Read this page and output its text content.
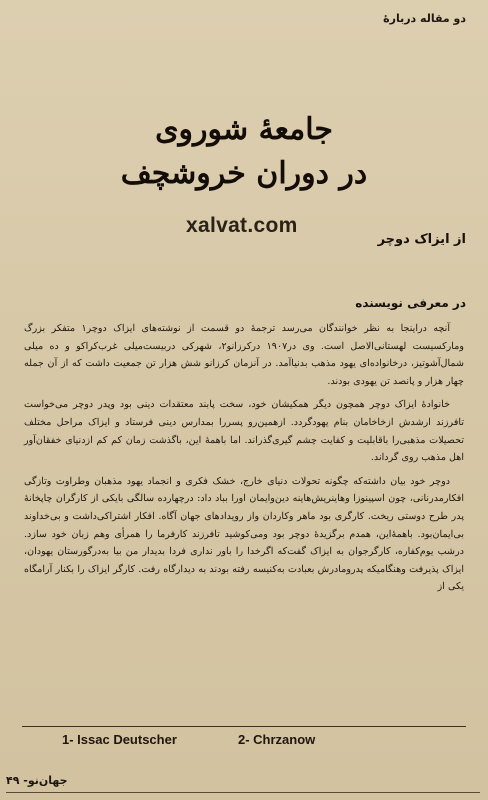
دو مقاله دربارهٔ
جامعهٔ شوروی
در دوران خروشچف
xalvat.com
از ایزاک دوچر
در معرفی نویسنده

آنچه دراینجا به نظر خوانندگان می‌رسد ترجمهٔ دو قسمت از نوشته‌های ایزاک دوچر۱ متفکر بزرگ ومارکسیست لهستانی‌الاصل است. وی در۱۹۰۷ درکرزانو۲، شهرکی دربیست‌میلی غرب‌کراکو و ده میلی شمال‌آشوتیز، درخانواده‌ای یهود مذهب بدنیا‌آمد. در آنزمان کرزانو شش هزار تن جمعیت داشت که از آن جمله چهار هزار و پانصد تن یهودی بودند.

خانوادهٔ ایزاک دوچر همچون دیگر همکیشان خود، سخت پابند معتقدات دینی بود وپدر دوچر می‌خواست تافرزند ارشدش ازخاخامان بنام یهودگردد. ازهمین‌رو پسررا بمدارس دینی فرستاد و ایزاک مراحل مختلف تحصیلات مذهبی‌را باقابلیت و کفایت چشم گیری‌گذراند. اما باهمهٔ این، باگذشت زمان کم کم ازدنیای خفقان‌آور اهل مذهب روی گرداند.

دوچر خود بیان داشته‌که چگونه تحولات دنیای خارج، خشک فکری و انجماد یهود مذهبان وطراوت وتازگی افکارمدرنانی، چون اسپینوزا وهاینریش‌هاینه دین‌وایمان اورا بباد داد: درچهارده سالگی بایکی از کارگران چاپخانهٔ پدر طرح دوستی ریخت. کارگری بود ماهر وکاردان واز رویدادهای جهان آگاه. افکار اشتراکی‌داشت و بی‌خداوند بی‌ایمان‌بود. باهمهٔ‌این، همدم برگزیدهٔ دوچر بود ومی‌کوشید تافرزند کارفرما را همرأی وهم زبان خود سازد. درشب یوم‌کفاره، کارگرجوان به ایزاک گفت‌که اگرخدا را باور نداری فردا بدیدار من بیا به‌درگورستان یهودان، ایزاک پذیرفت وهنگامیکه پدرومادرش بعبادت به‌کنیسه رفته بودند به دیدارگاه رفت. کارگر ایزاک را بکنار آرامگاه یکی از

1- Issac Deutscher	2- Chrzanow
جهان‌نو- ۴۹
